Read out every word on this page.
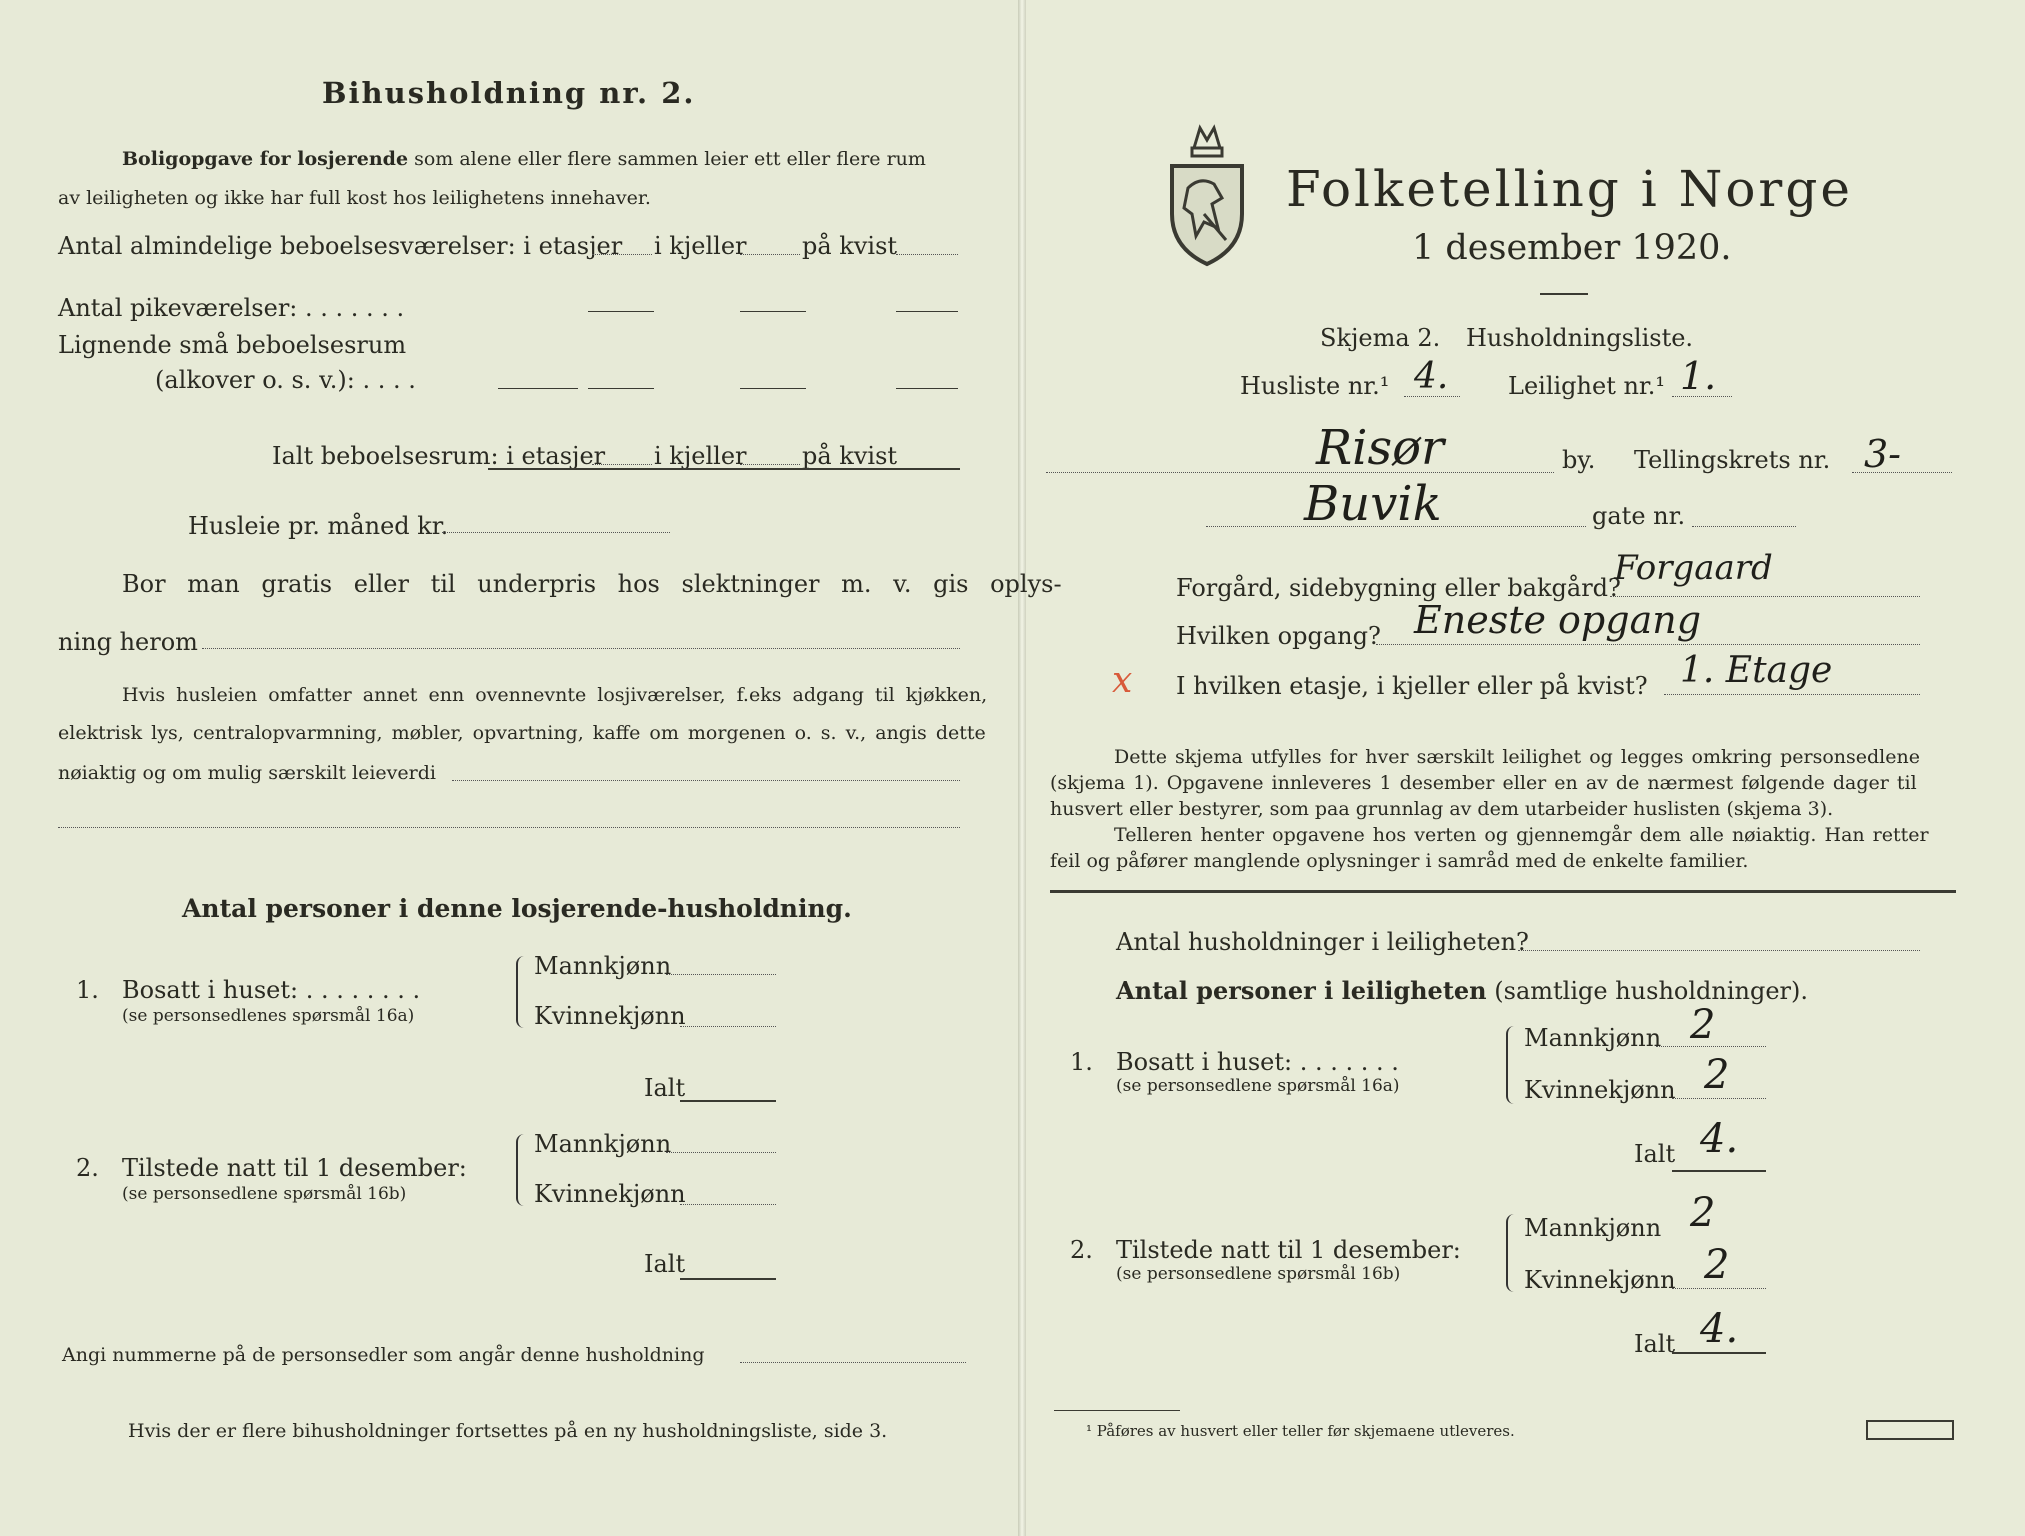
Bihusholdning nr. 2.
Boligopgave for losjerende som alene eller flere sammen leier ett eller flere rum
av leiligheten og ikke har full kost hos leilighetens innehaver.
Antal almindelige beboelsesværelser: i etasjer i kjeller på kvist
Antal pikeværelser: . . . . . . .
Lignende små beboelsesrum
(alkover o. s. v.): . . . .
Ialt beboelsesrum: i etasjer i kjeller på kvist
Husleie pr. måned kr.
Bor man gratis eller til underpris hos slektninger m. v. gis oplys-
ning herom
Hvis husleien omfatter annet enn ovennevnte losjiværelser, f.eks adgang til kjøkken,
elektrisk lys, centralopvarmning, møbler, opvartning, kaffe om morgenen o. s. v., angis dette
nøiaktig og om mulig særskilt leieverdi
Antal personer i denne losjerende-husholdning.
1. Bosatt i huset: . . . . . . . .
(se personsedlenes spørsmål 16a)
Mannkjønn
Kvinnekjønn
Ialt
2. Tilstede natt til 1 desember:
(se personsedlene spørsmål 16b)
Mannkjønn
Kvinnekjønn
Ialt
Angi nummerne på de personsedler som angår denne husholdning
Hvis der er flere bihusholdninger fortsettes på en ny husholdningsliste, side 3.
Folketelling i Norge
1 desember 1920.
Skjema 2. Husholdningsliste.
Husliste nr.¹ 4. Leilighet nr.¹ 1.
Risør	by. Tellingskrets nr. 3-
Buvik	gate nr.
Forgård, sidebygning eller bakgård?
Forgaard
Hvilken opgang? Eneste opgang
x I hvilken etasje, i kjeller eller på kvist? 1. Etage
Dette skjema utfylles for hver særskilt leilighet og legges omkring personsedlene
(skjema 1). Opgavene innleveres 1 desember eller en av de nærmest følgende dager til
husvert eller bestyrer, som paa grunnlag av dem utarbeider huslisten (skjema 3).
Telleren henter opgavene hos verten og gjennemgår dem alle nøiaktig. Han retter
feil og påfører manglende oplysninger i samråd med de enkelte familier.
Antal husholdninger i leiligheten?
Antal personer i leiligheten (samtlige husholdninger).
1. Bosatt i huset: . . . . . . .
(se personsedlene spørsmål 16a)
Mannkjønn 2
Kvinnekjønn 2
Ialt 4.
2. Tilstede natt til 1 desember:
(se personsedlene spørsmål 16b)
Mannkjønn 2
Kvinnekjønn 2
Ialt 4.
¹ Påføres av husvert eller teller før skjemaene utleveres.
